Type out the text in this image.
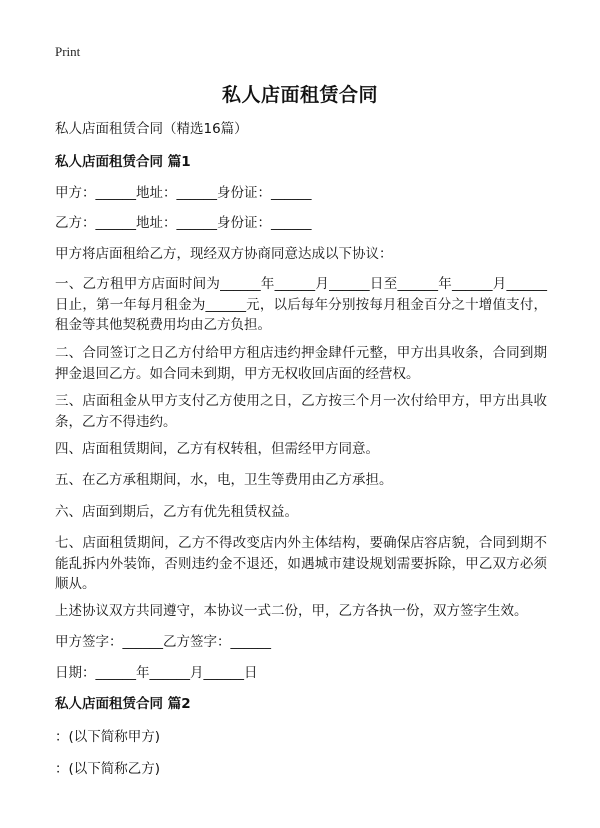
Print
私人店面租赁合同
私人店面租赁合同（精选16篇）
私人店面租赁合同 篇1
甲方：______地址：______身份证：______
乙方：______地址：______身份证：______
甲方将店面租给乙方，现经双方协商同意达成以下协议：
一、乙方租甲方店面时间为______年______月______日至______年______月______日止，第一年每月租金为______元，以后每年分别按每月租金百分之十增值支付，租金等其他契税费用均由乙方负担。
二、合同签订之日乙方付给甲方租店违约押金肆仟元整，甲方出具收条，合同到期押金退回乙方。如合同未到期，甲方无权收回店面的经营权。
三、店面租金从甲方支付乙方使用之日，乙方按三个月一次付给甲方，甲方出具收条，乙方不得违约。
四、店面租赁期间，乙方有权转租，但需经甲方同意。
五、在乙方承租期间，水，电，卫生等费用由乙方承担。
六、店面到期后，乙方有优先租赁权益。
七、店面租赁期间，乙方不得改变店内外主体结构，要确保店容店貌，合同到期不能乱拆内外装饰，否则违约金不退还，如遇城市建设规划需要拆除，甲乙双方必须顺从。
上述协议双方共同遵守，本协议一式二份，甲，乙方各执一份，双方签字生效。
甲方签字：______乙方签字：______
日期：______年______月______日
私人店面租赁合同 篇2
：(以下简称甲方)
：(以下简称乙方)
